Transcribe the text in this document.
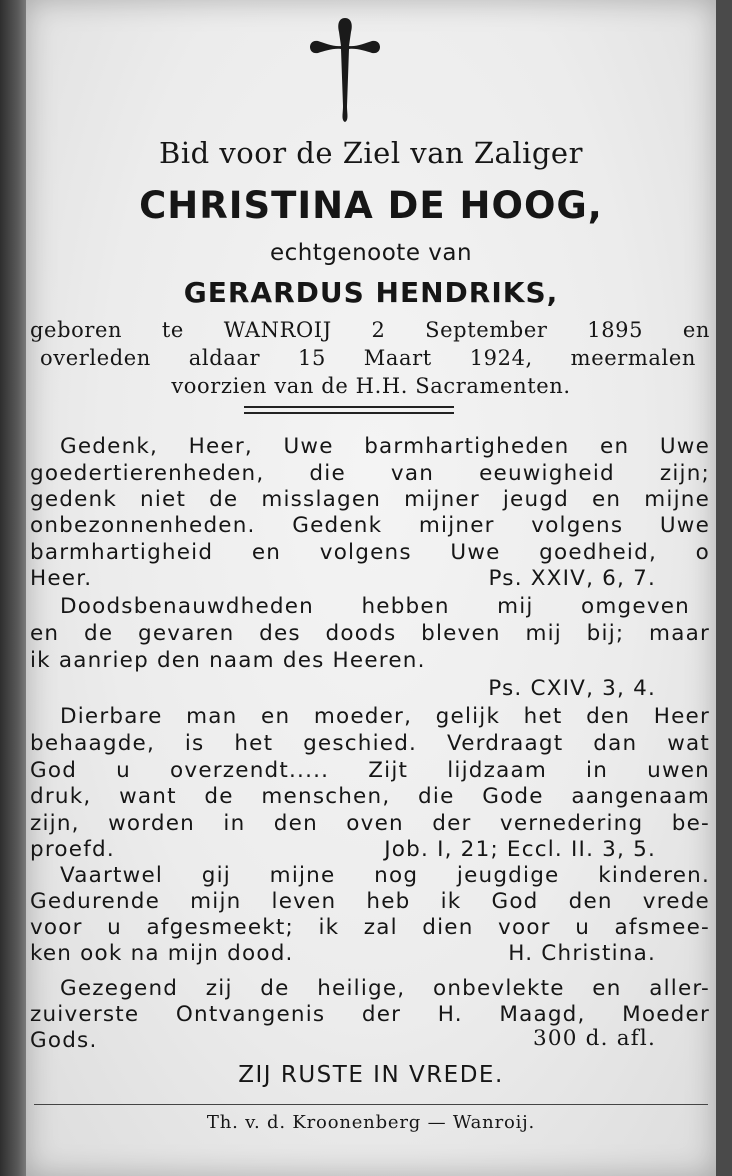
Bid voor de Ziel van Zaliger
CHRISTINA DE HOOG,
echtgenoote van
GERARDUS HENDRIKS,
geboren te WANROIJ 2 September 1895 en
overleden aldaar 15 Maart 1924, meermalen
voorzien van de H.H. Sacramenten.
Gedenk, Heer, Uwe barmhartigheden en Uwe
goedertierenheden, die van eeuwigheid zijn;
gedenk niet de misslagen mijner jeugd en mijne
onbezonnenheden. Gedenk mijner volgens Uwe
barmhartigheid en volgens Uwe goedheid, o
Heer.	Ps. XXIV, 6, 7.
Doodsbenauwdheden hebben mij omgeven
en de gevaren des doods bleven mij bij; maar
ik aanriep den naam des Heeren.
Ps. CXIV, 3, 4.
Dierbare man en moeder, gelijk het den Heer
behaagde, is het geschied. Verdraagt dan wat
God u overzendt..... Zijt lijdzaam in uwen
druk, want de menschen, die Gode aangenaam
zijn, worden in den oven der vernedering be-
proefd.	Job. I, 21; Eccl. II. 3, 5.
Vaartwel gij mijne nog jeugdige kinderen.
Gedurende mijn leven heb ik God den vrede
voor u afgesmeekt; ik zal dien voor u afsmee-
ken ook na mijn dood.	H. Christina.
Gezegend zij de heilige, onbevlekte en aller-
zuiverste Ontvangenis der H. Maagd, Moeder
Gods.	300 d. afl.
ZIJ RUSTE IN VREDE.
Th. v. d. Kroonenberg — Wanroij.
